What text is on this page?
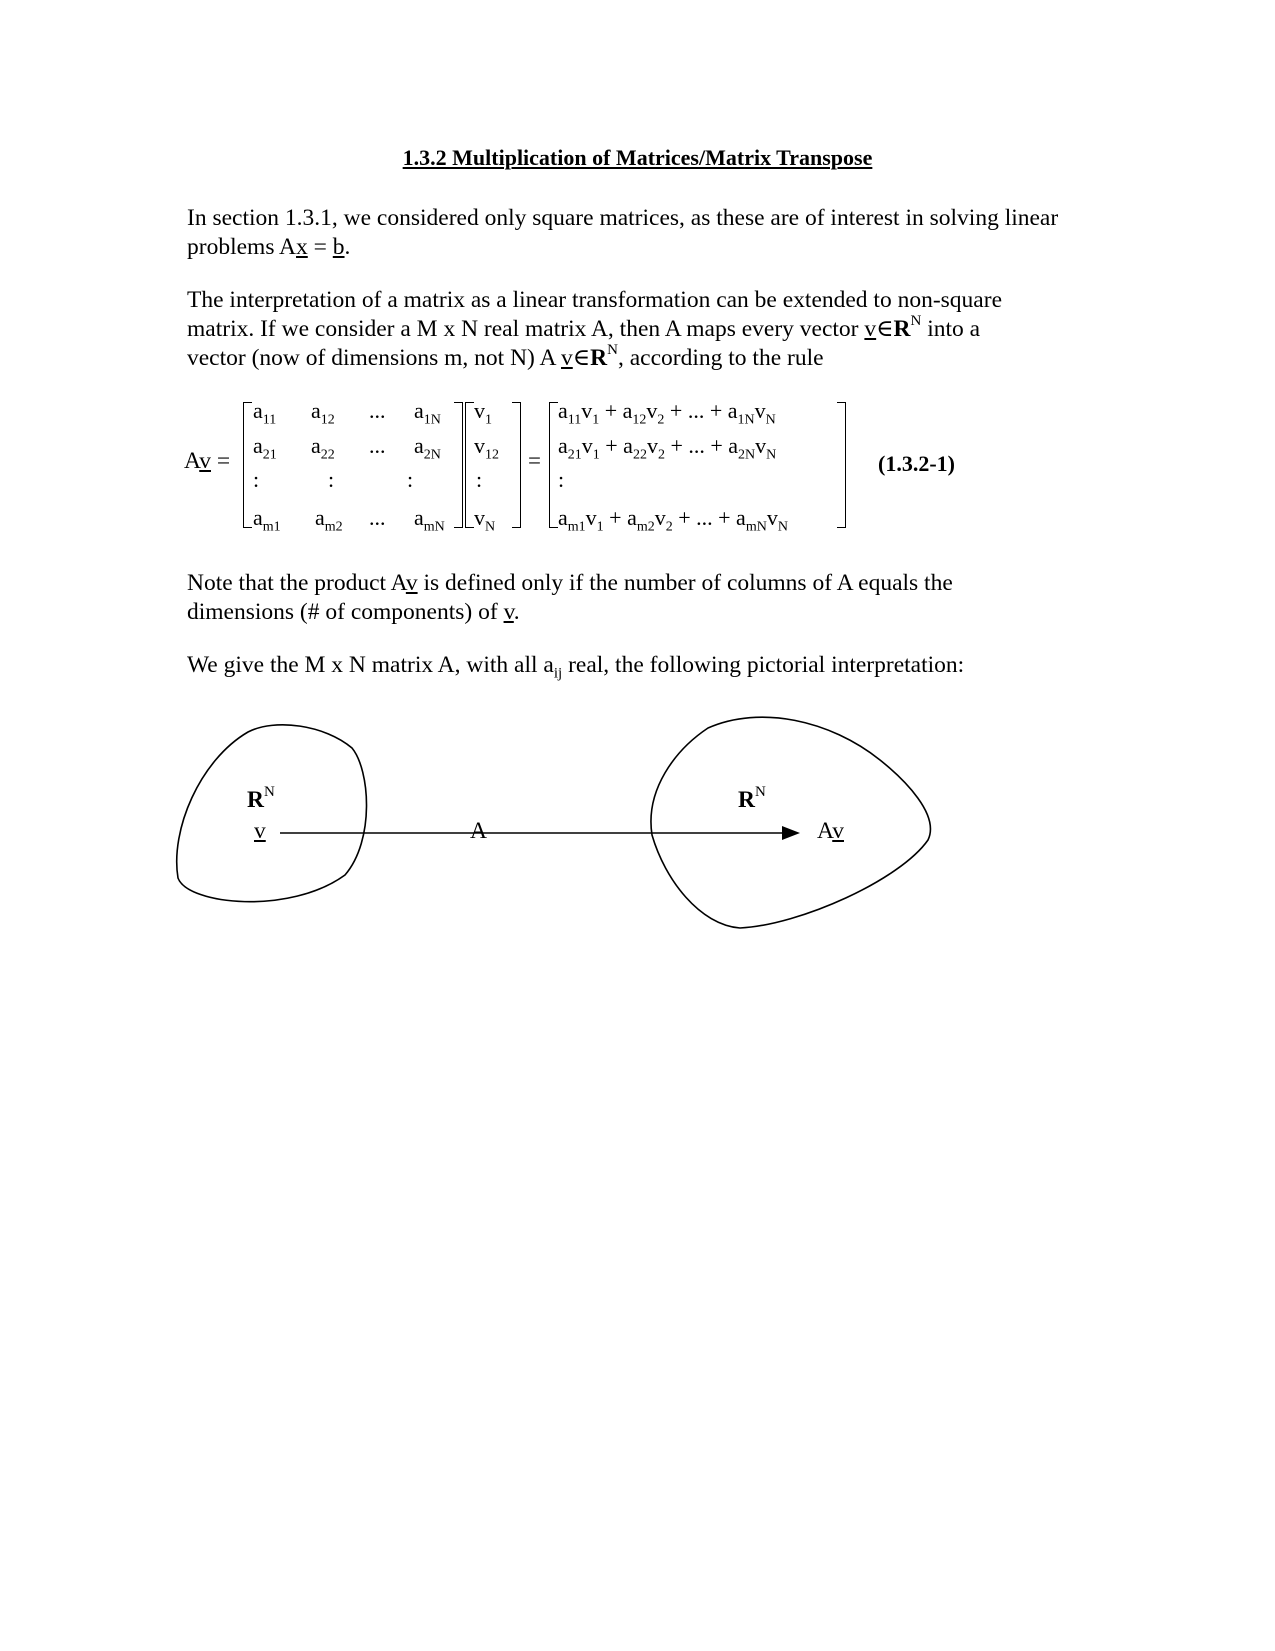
1.3.2 Multiplication of Matrices/Matrix Transpose
In section 1.3.1, we considered only square matrices, as these are of interest in solving linear problems Ax = b.
The interpretation of a matrix as a linear transformation can be extended to non-square
matrix. If we consider a M x N real matrix A, then A maps every vector $v\in R^N$ into a
vector (now of dimensions m, not N) A $v\in R^N$, according to the rule
Av =
$a_{11}$ $a_{12}$ ... $a_{1N}$
$a_{21}$ $a_{22}$ ... $a_{2N}$
:	:	:
$a_{m1}$ $a_{m2}$ ... $a_{mN}$
$v_1$
$v_{12}$
:
$v_N$
=
$a_{11}v_1 + a_{12}v_2$ + ... + $a_{1N}v_N$
$a_{21}v_1 + a_{22}v_2$ + ... + $a_{2N}v_N$
:
$a_{m1}v_1 + a_{m2}v_2$ + ... + $a_{mN}v_N$
(1.3.2-1)
Note that the product Av is defined only if the number of columns of A equals the
dimensions (# of components) of v.
We give the M x N matrix A, with all $a_{ij}$ real, the following pictorial interpretation:
$R^N$
v	A
$R^N$
Av
